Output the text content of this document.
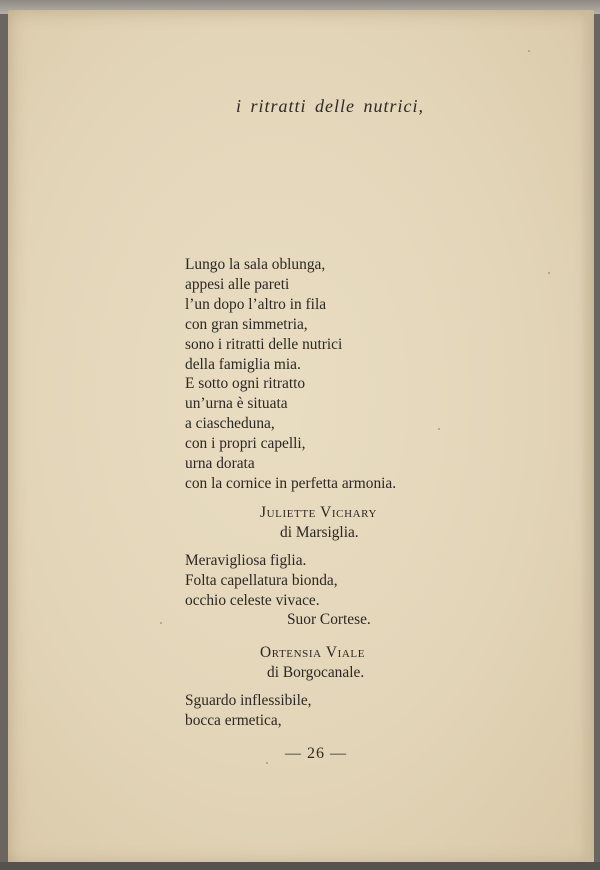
i ritratti delle nutrici,
Lungo la sala oblunga,
appesi alle pareti
l’un dopo l’altro in fila
con gran simmetria,
sono i ritratti delle nutrici
della famiglia mia.
E sotto ogni ritratto
un’urna è situata
a ciascheduna,
con i propri capelli,
urna dorata
con la cornice in perfetta armonia.
Juliette Vichary
di Marsiglia.
Meravigliosa figlia.
Folta capellatura bionda,
occhio celeste vivace.
Suor Cortese.
Ortensia Viale
di Borgocanale.
Sguardo inflessibile,
bocca ermetica,
— 26 —
